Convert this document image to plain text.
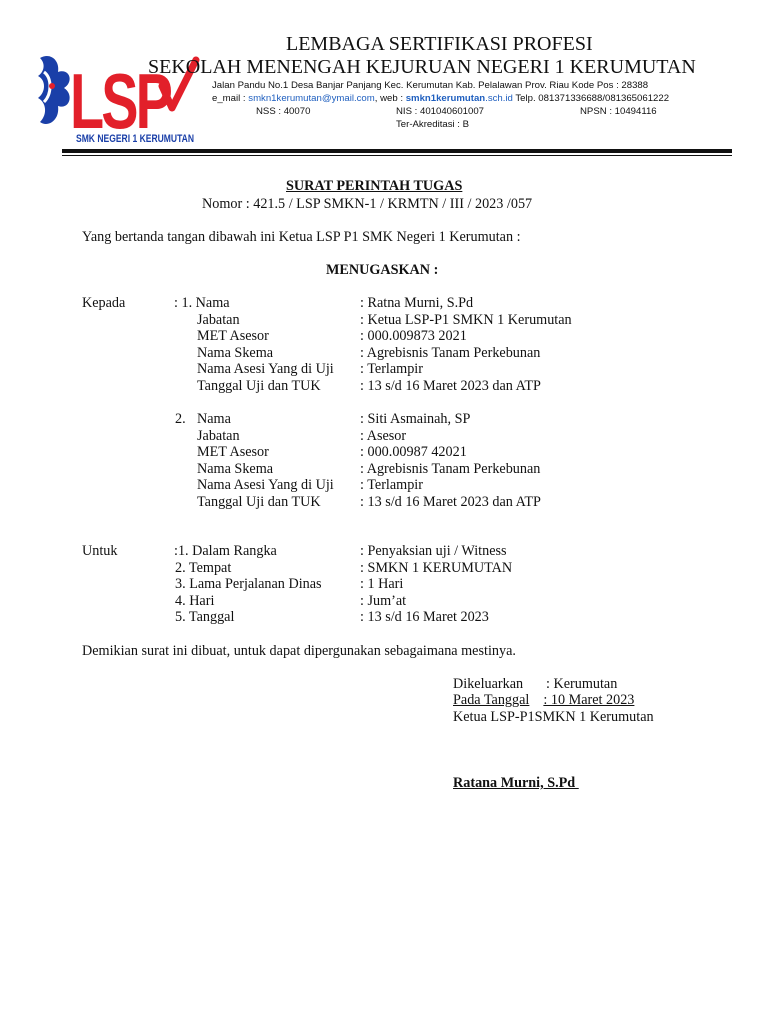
LSP
SMK NEGERI 1 KERUMUTAN
LEMBAGA SERTIFIKASI PROFESI
SEKOLAH MENENGAH KEJURUAN NEGERI 1 KERUMUTAN
Jalan Pandu No.1 Desa Banjar Panjang Kec. Kerumutan Kab. Pelalawan Prov. Riau Kode Pos : 28388
e_mail : smkn1kerumutan@ymail.com, web : smkn1kerumutan.sch.id Telp. 081371336688/081365061222
NSS : 40070	NIS : 401040601007	NPSN : 10494116
Ter-Akreditasi : B
SURAT PERINTAH TUGAS
Nomor : 421.5 / LSP SMKN-1 / KRMTN / III / 2023 /057
Yang bertanda tangan dibawah ini Ketua LSP P1 SMK Negeri 1 Kerumutan :
MENUGASKAN :
Kepada	: 1. Nama	: Ratna Murni, S.Pd
Jabatan	: Ketua LSP-P1 SMKN 1 Kerumutan
MET Asesor	: 000.009873 2021
Nama Skema	: Agrebisnis Tanam Perkebunan
Nama Asesi Yang di Uji : Terlampir
Tanggal Uji dan TUK	: 13 s/d 16 Maret 2023 dan ATP
2. Nama	: Siti Asmainah, SP
Jabatan	: Asesor
MET Asesor	: 000.00987 42021
Nama Skema	: Agrebisnis Tanam Perkebunan
Nama Asesi Yang di Uji : Terlampir
Tanggal Uji dan TUK	: 13 s/d 16 Maret 2023 dan ATP
Untuk	:1. Dalam Rangka	: Penyaksian uji / Witness
2. Tempat	: SMKN 1 KERUMUTAN
3. Lama Perjalanan Dinas	: 1 Hari
4. Hari	: Jum’at
5. Tanggal	: 13 s/d 16 Maret 2023
Demikian surat ini dibuat, untuk dapat dipergunakan sebagaimana mestinya.
Dikeluarkan : Kerumutan
Pada Tanggal : 10 Maret 2023
Ketua LSP-P1SMKN 1 Kerumutan
Ratana Murni, S.Pd
